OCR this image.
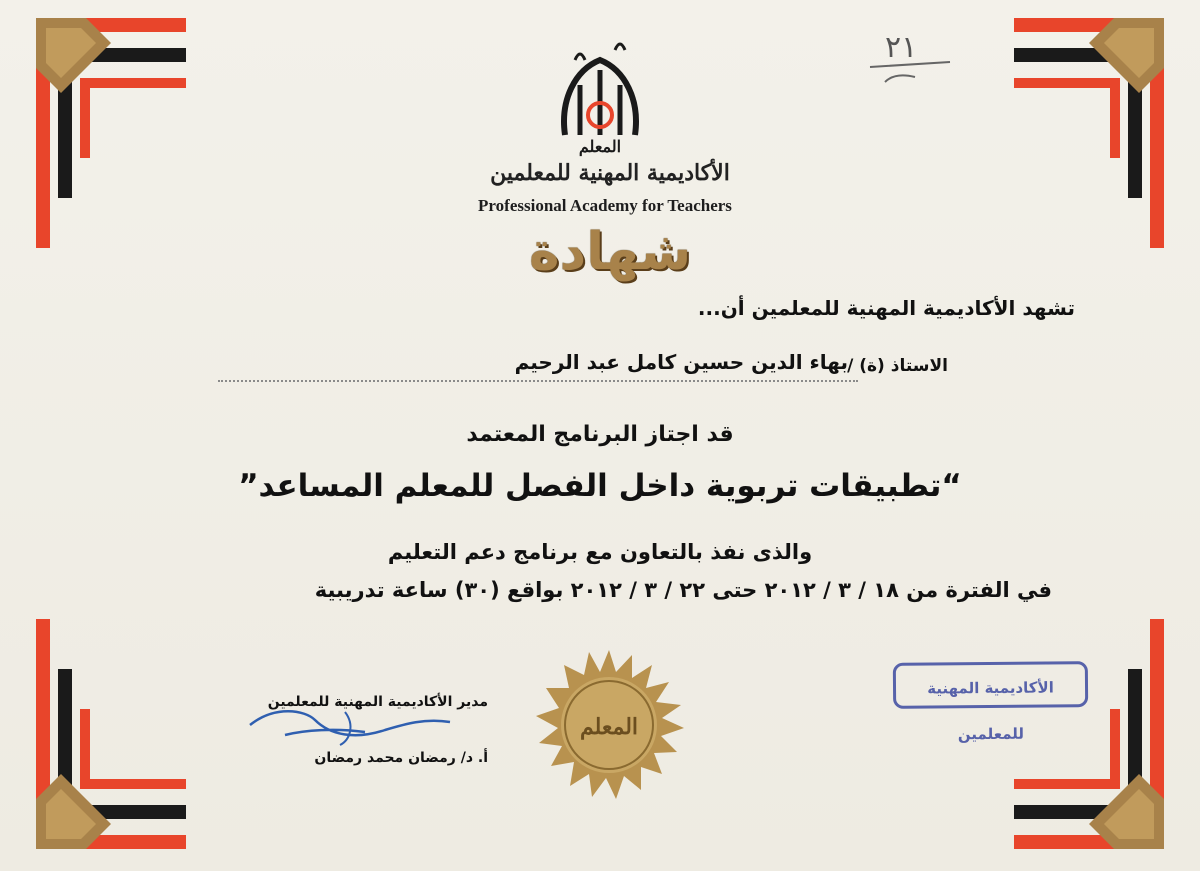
المعلم
الأكاديمية المهنية للمعلمين
Professional Academy for Teachers
شهادة
٢١
تشهد الأكاديمية المهنية للمعلمين أن...
الاستاذ (ة) /
بهاء الدين حسين كامل عبد الرحيم
قد اجتاز البرنامج المعتمد
“تطبيقات تربوية داخل الفصل للمعلم المساعد”
والذى نفذ بالتعاون مع برنامج دعم التعليم
في الفترة من ١٨ / ٣ / ٢٠١٢ حتى ٢٢ / ٣ / ٢٠١٢ بواقع (٣٠) ساعة تدريبية
المعلم
الأكاديمية المهنية للمعلمين
مدير الأكاديمية المهنية للمعلمين
أ. د/ رمضان محمد رمضان
